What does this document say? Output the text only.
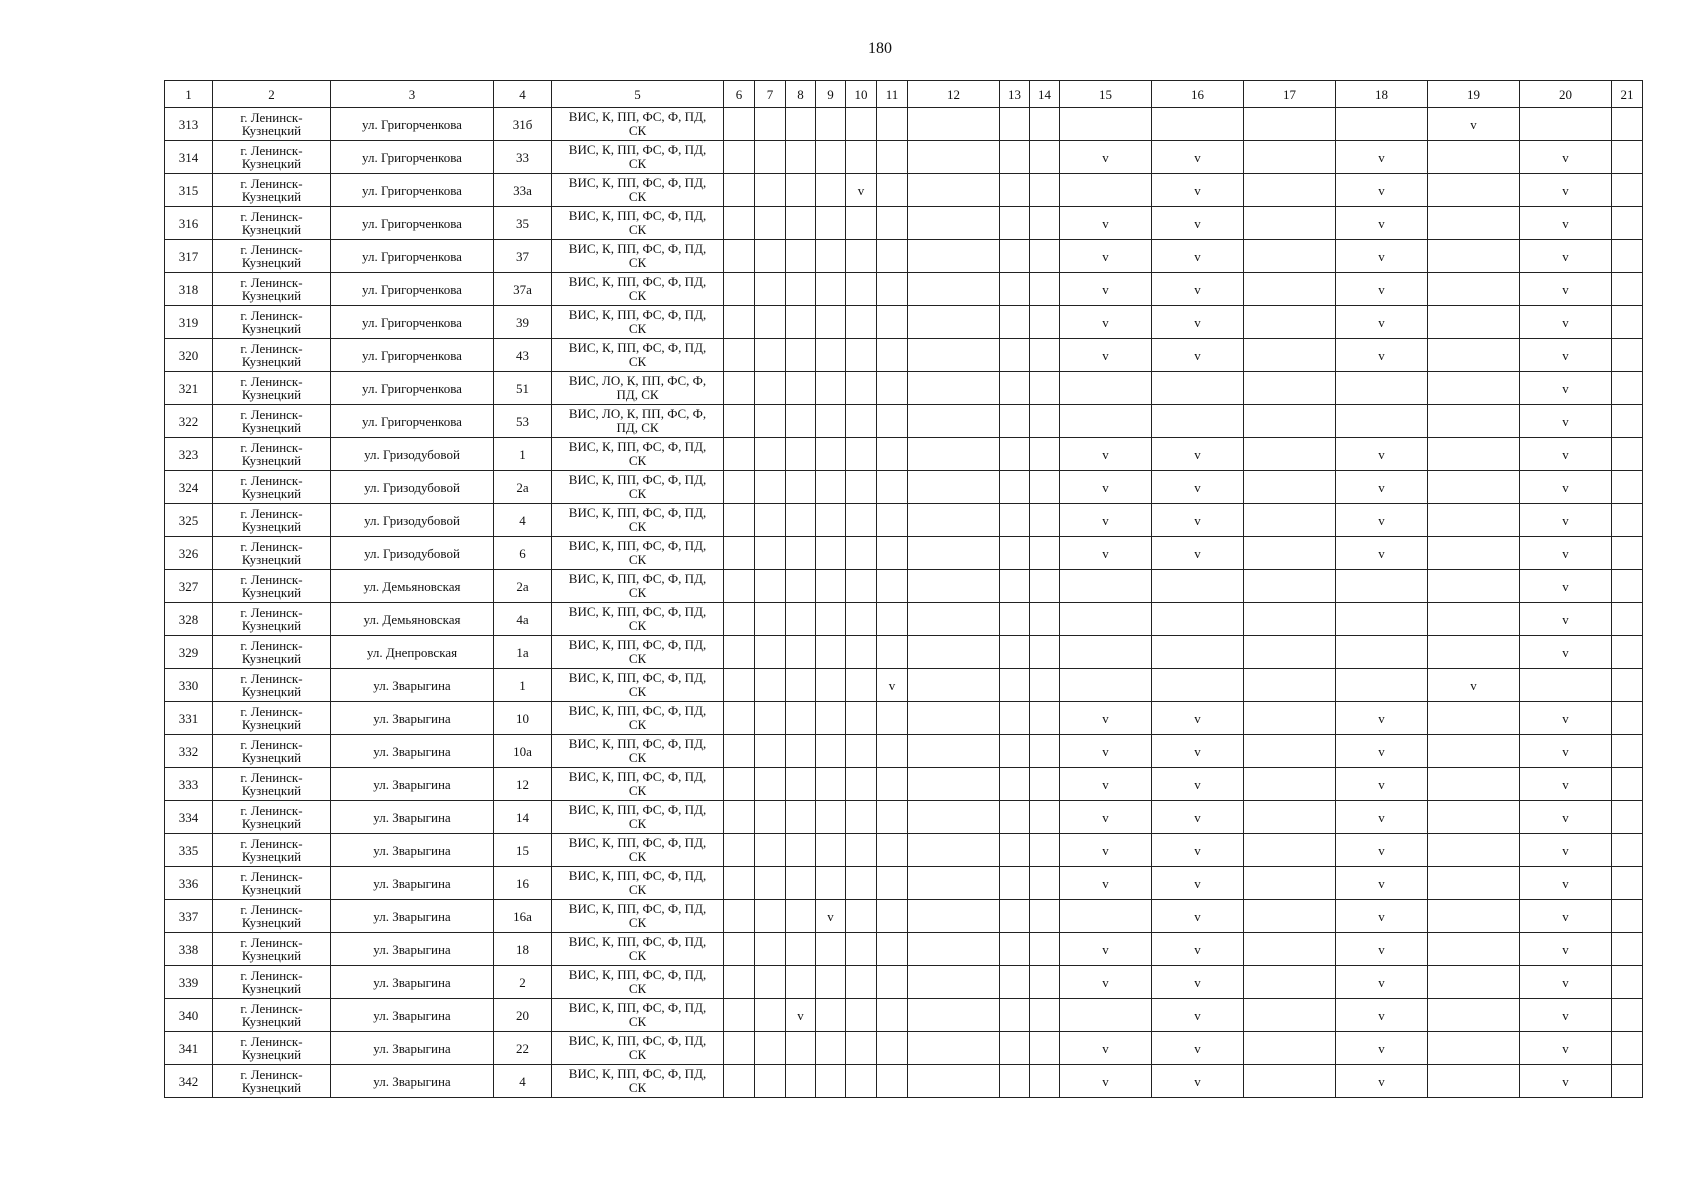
180
1	2	3	4	5	6	7	8	9	10	11	12	13	14	15	16	17	18	19	20	21
313	г. Ленинск-
Кузнецкий	ул. Григорченкова	31б	ВИС, К, ПП, ФС, Ф, ПД,
СК														v		
314	г. Ленинск-
Кузнецкий	ул. Григорченкова	33	ВИС, К, ПП, ФС, Ф, ПД,
СК										v	v		v		v	
315	г. Ленинск-
Кузнецкий	ул. Григорченкова	33а	ВИС, К, ПП, ФС, Ф, ПД,
СК					v						v		v		v	
316	г. Ленинск-
Кузнецкий	ул. Григорченкова	35	ВИС, К, ПП, ФС, Ф, ПД,
СК										v	v		v		v	
317	г. Ленинск-
Кузнецкий	ул. Григорченкова	37	ВИС, К, ПП, ФС, Ф, ПД,
СК										v	v		v		v	
318	г. Ленинск-
Кузнецкий	ул. Григорченкова	37а	ВИС, К, ПП, ФС, Ф, ПД,
СК										v	v		v		v	
319	г. Ленинск-
Кузнецкий	ул. Григорченкова	39	ВИС, К, ПП, ФС, Ф, ПД,
СК										v	v		v		v	
320	г. Ленинск-
Кузнецкий	ул. Григорченкова	43	ВИС, К, ПП, ФС, Ф, ПД,
СК										v	v		v		v	
321	г. Ленинск-
Кузнецкий	ул. Григорченкова	51	ВИС, ЛО, К, ПП, ФС, Ф,
ПД, СК															v	
322	г. Ленинск-
Кузнецкий	ул. Григорченкова	53	ВИС, ЛО, К, ПП, ФС, Ф,
ПД, СК															v	
323	г. Ленинск-
Кузнецкий	ул. Гризодубовой	1	ВИС, К, ПП, ФС, Ф, ПД,
СК										v	v		v		v	
324	г. Ленинск-
Кузнецкий	ул. Гризодубовой	2а	ВИС, К, ПП, ФС, Ф, ПД,
СК										v	v		v		v	
325	г. Ленинск-
Кузнецкий	ул. Гризодубовой	4	ВИС, К, ПП, ФС, Ф, ПД,
СК										v	v		v		v	
326	г. Ленинск-
Кузнецкий	ул. Гризодубовой	6	ВИС, К, ПП, ФС, Ф, ПД,
СК										v	v		v		v	
327	г. Ленинск-
Кузнецкий	ул. Демьяновская	2а	ВИС, К, ПП, ФС, Ф, ПД,
СК															v	
328	г. Ленинск-
Кузнецкий	ул. Демьяновская	4а	ВИС, К, ПП, ФС, Ф, ПД,
СК															v	
329	г. Ленинск-
Кузнецкий	ул. Днепровская	1а	ВИС, К, ПП, ФС, Ф, ПД,
СК															v	
330	г. Ленинск-
Кузнецкий	ул. Зварыгина	1	ВИС, К, ПП, ФС, Ф, ПД,
СК						v								v		
331	г. Ленинск-
Кузнецкий	ул. Зварыгина	10	ВИС, К, ПП, ФС, Ф, ПД,
СК										v	v		v		v	
332	г. Ленинск-
Кузнецкий	ул. Зварыгина	10а	ВИС, К, ПП, ФС, Ф, ПД,
СК										v	v		v		v	
333	г. Ленинск-
Кузнецкий	ул. Зварыгина	12	ВИС, К, ПП, ФС, Ф, ПД,
СК										v	v		v		v	
334	г. Ленинск-
Кузнецкий	ул. Зварыгина	14	ВИС, К, ПП, ФС, Ф, ПД,
СК										v	v		v		v	
335	г. Ленинск-
Кузнецкий	ул. Зварыгина	15	ВИС, К, ПП, ФС, Ф, ПД,
СК										v	v		v		v	
336	г. Ленинск-
Кузнецкий	ул. Зварыгина	16	ВИС, К, ПП, ФС, Ф, ПД,
СК										v	v		v		v	
337	г. Ленинск-
Кузнецкий	ул. Зварыгина	16а	ВИС, К, ПП, ФС, Ф, ПД,
СК				v							v		v		v	
338	г. Ленинск-
Кузнецкий	ул. Зварыгина	18	ВИС, К, ПП, ФС, Ф, ПД,
СК										v	v		v		v	
339	г. Ленинск-
Кузнецкий	ул. Зварыгина	2	ВИС, К, ПП, ФС, Ф, ПД,
СК										v	v		v		v	
340	г. Ленинск-
Кузнецкий	ул. Зварыгина	20	ВИС, К, ПП, ФС, Ф, ПД,
СК			v								v		v		v	
341	г. Ленинск-
Кузнецкий	ул. Зварыгина	22	ВИС, К, ПП, ФС, Ф, ПД,
СК										v	v		v		v	
342	г. Ленинск-
Кузнецкий	ул. Зварыгина	4	ВИС, К, ПП, ФС, Ф, ПД,
СК										v	v		v		v	
